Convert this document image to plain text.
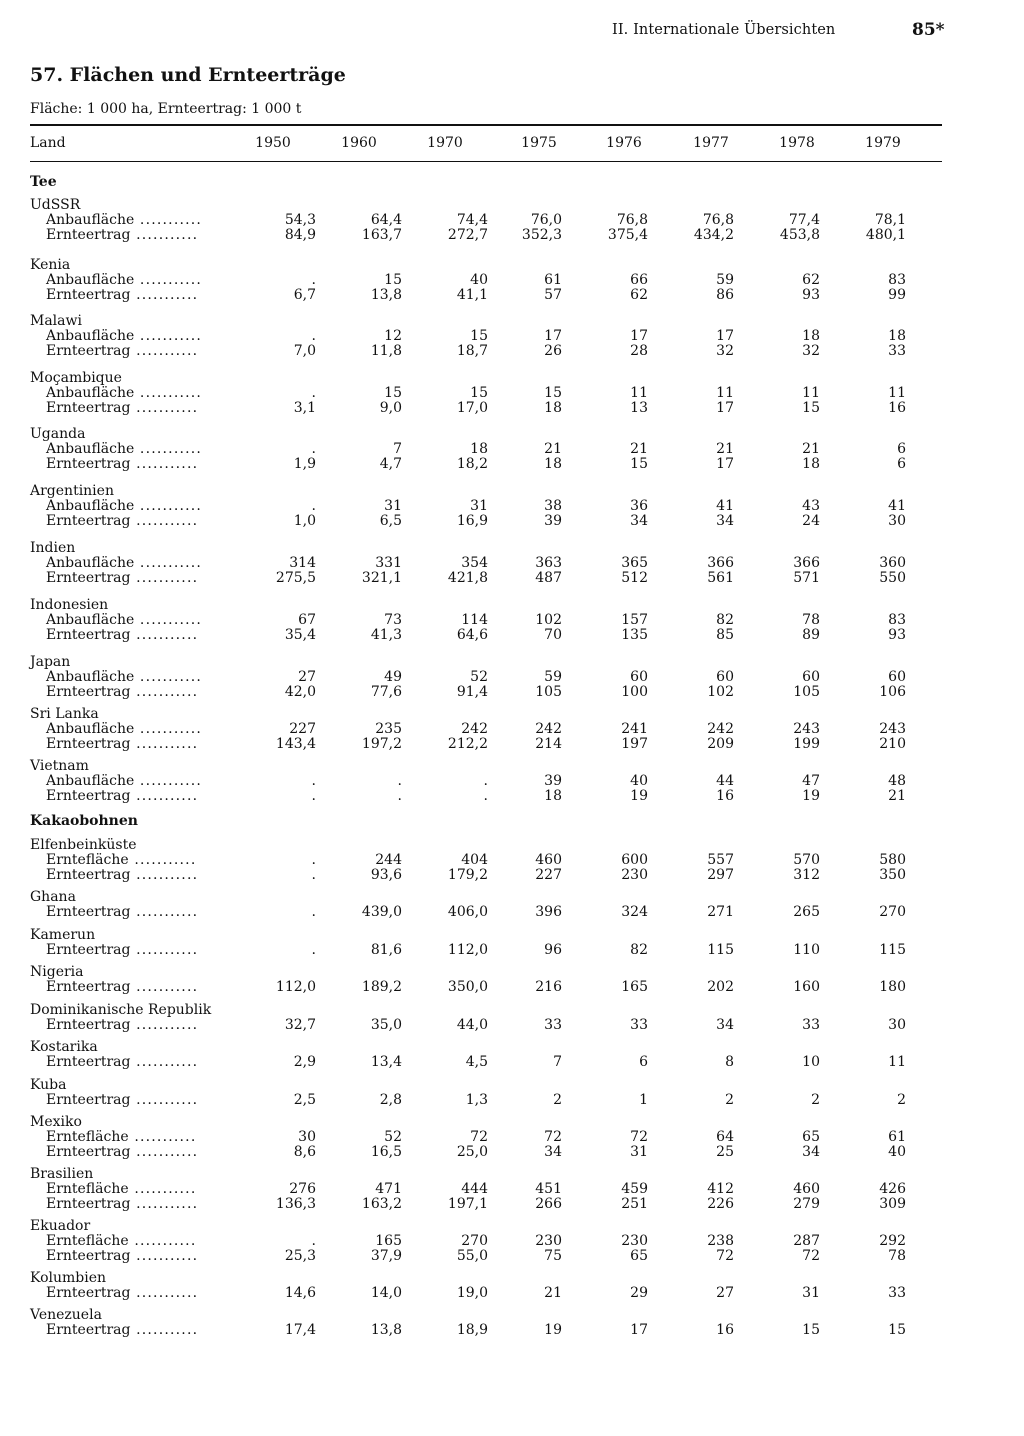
II. Internationale Übersichten	85*
57. Flächen und Ernteerträge
Fläche: 1 000 ha, Ernteertrag: 1 000 t
Land	1950	1960	1970	1975	1976	1977	1978	1979
Tee
UdSSR
Anbaufläche ...........	54,3	64,4	74,4	76,0	76,8	76,8	77,4	78,1
Ernteertrag ...........	84,9	163,7	272,7	352,3	375,4	434,2	453,8	480,1
Kenia
Anbaufläche ...........	.	15	40	61	66	59	62	83
Ernteertrag ...........	6,7	13,8	41,1	57	62	86	93	99
Malawi
Anbaufläche ...........	.	12	15	17	17	17	18	18
Ernteertrag ...........	7,0	11,8	18,7	26	28	32	32	33
Moçambique
Anbaufläche ...........	.	15	15	15	11	11	11	11
Ernteertrag ...........	3,1	9,0	17,0	18	13	17	15	16
Uganda
Anbaufläche ...........	.	7	18	21	21	21	21	6
Ernteertrag ...........	1,9	4,7	18,2	18	15	17	18	6
Argentinien
Anbaufläche ...........	.	31	31	38	36	41	43	41
Ernteertrag ...........	1,0	6,5	16,9	39	34	34	24	30
Indien
Anbaufläche ...........	314	331	354	363	365	366	366	360
Ernteertrag ...........	275,5	321,1	421,8	487	512	561	571	550
Indonesien
Anbaufläche ...........	67	73	114	102	157	82	78	83
Ernteertrag ...........	35,4	41,3	64,6	70	135	85	89	93
Japan
Anbaufläche ...........	27	49	52	59	60	60	60	60
Ernteertrag ...........	42,0	77,6	91,4	105	100	102	105	106
Sri Lanka
Anbaufläche ...........	227	235	242	242	241	242	243	243
Ernteertrag ...........	143,4	197,2	212,2	214	197	209	199	210
Vietnam
Anbaufläche ...........	.	.	.	39	40	44	47	48
Ernteertrag ...........	.	.	.	18	19	16	19	21
Kakaobohnen
Elfenbeinküste
Erntefläche ...........	.	244	404	460	600	557	570	580
Ernteertrag ...........	.	93,6	179,2	227	230	297	312	350
Ghana
Ernteertrag ...........	.	439,0	406,0	396	324	271	265	270
Kamerun
Ernteertrag ...........	.	81,6	112,0	96	82	115	110	115
Nigeria
Ernteertrag ...........	112,0	189,2	350,0	216	165	202	160	180
Dominikanische Republik
Ernteertrag ...........	32,7	35,0	44,0	33	33	34	33	30
Kostarika
Ernteertrag ...........	2,9	13,4	4,5	7	6	8	10	11
Kuba
Ernteertrag ...........	2,5	2,8	1,3	2	1	2	2	2
Mexiko
Erntefläche ...........	30	52	72	72	72	64	65	61
Ernteertrag ...........	8,6	16,5	25,0	34	31	25	34	40
Brasilien
Erntefläche ...........	276	471	444	451	459	412	460	426
Ernteertrag ...........	136,3	163,2	197,1	266	251	226	279	309
Ekuador
Erntefläche ...........	.	165	270	230	230	238	287	292
Ernteertrag ...........	25,3	37,9	55,0	75	65	72	72	78
Kolumbien
Ernteertrag ...........	14,6	14,0	19,0	21	29	27	31	33
Venezuela
Ernteertrag ...........	17,4	13,8	18,9	19	17	16	15	15
